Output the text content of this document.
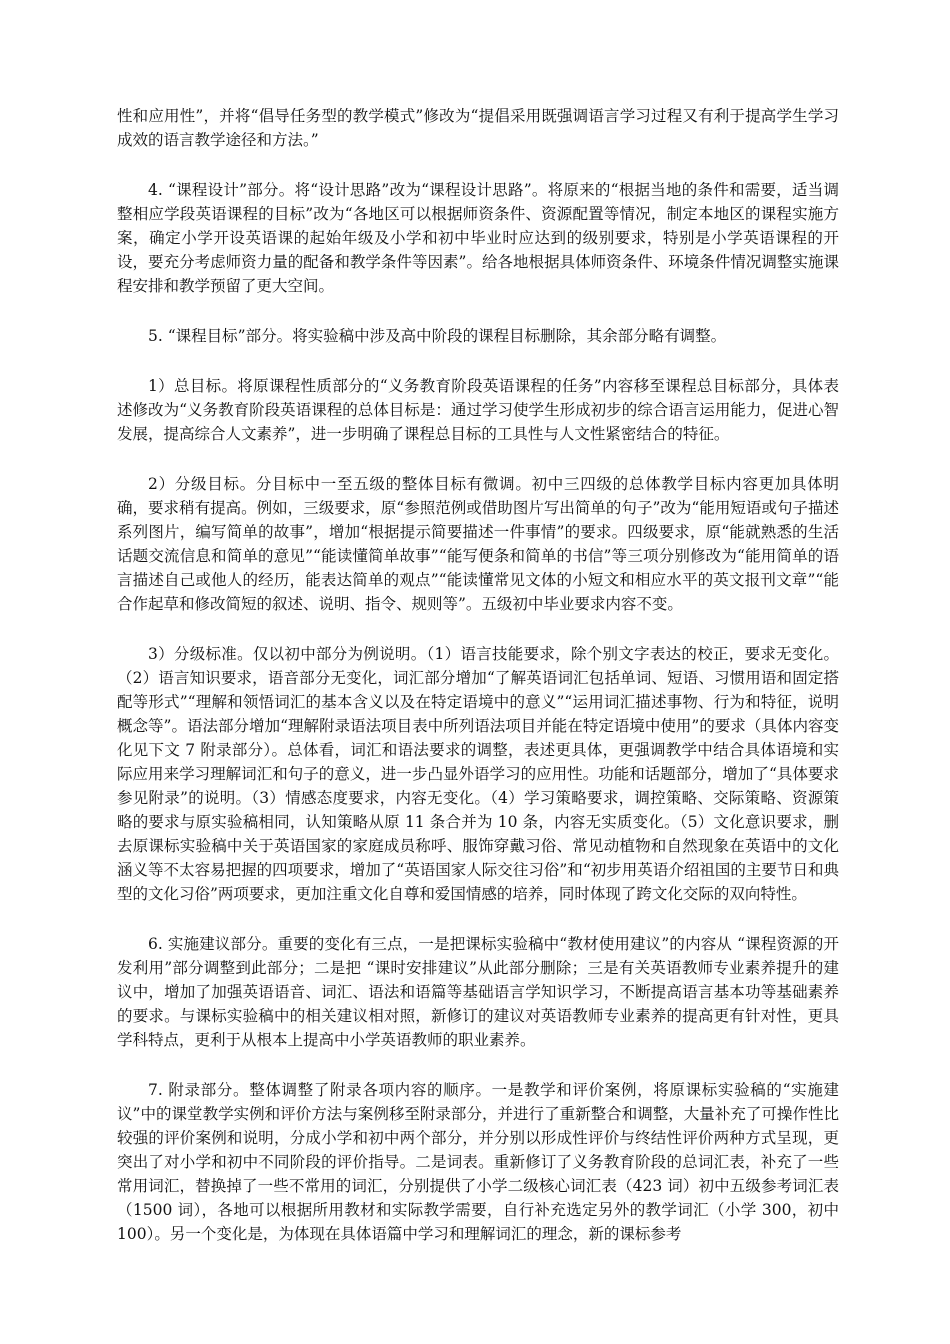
性和应用性”，并将“倡导任务型的教学模式”修改为“提倡采用既强调语言学习过程又有利于提高学生学习成效的语言教学途径和方法。”

4. “课程设计”部分。将“设计思路”改为“课程设计思路”。将原来的“根据当地的条件和需要，适当调整相应学段英语课程的目标”改为“各地区可以根据师资条件、资源配置等情况，制定本地区的课程实施方案，确定小学开设英语课的起始年级及小学和初中毕业时应达到的级别要求，特别是小学英语课程的开设，要充分考虑师资力量的配备和教学条件等因素”。给各地根据具体师资条件、环境条件情况调整实施课程安排和教学预留了更大空间。

5. “课程目标”部分。将实验稿中涉及高中阶段的课程目标删除，其余部分略有调整。

1）总目标。将原课程性质部分的“义务教育阶段英语课程的任务”内容移至课程总目标部分，具体表述修改为“义务教育阶段英语课程的总体目标是：通过学习使学生形成初步的综合语言运用能力，促进心智发展，提高综合人文素养”，进一步明确了课程总目标的工具性与人文性紧密结合的特征。

2）分级目标。分目标中一至五级的整体目标有微调。初中三四级的总体教学目标内容更加具体明确，要求稍有提高。例如，三级要求，原“参照范例或借助图片写出简单的句子”改为“能用短语或句子描述系列图片，编写简单的故事”，增加“根据提示简要描述一件事情”的要求。四级要求，原“能就熟悉的生活话题交流信息和简单的意见”“能读懂简单故事”“能写便条和简单的书信”等三项分别修改为“能用简单的语言描述自己或他人的经历，能表达简单的观点”“能读懂常见文体的小短文和相应水平的英文报刊文章”“能合作起草和修改简短的叙述、说明、指令、规则等”。五级初中毕业要求内容不变。

3）分级标准。仅以初中部分为例说明。（1）语言技能要求，除个别文字表达的校正，要求无变化。（2）语言知识要求，语音部分无变化，词汇部分增加“了解英语词汇包括单词、短语、习惯用语和固定搭配等形式”“理解和领悟词汇的基本含义以及在特定语境中的意义”“运用词汇描述事物、行为和特征，说明概念等”。语法部分增加“理解附录语法项目表中所列语法项目并能在特定语境中使用”的要求（具体内容变化见下文 7 附录部分）。总体看，词汇和语法要求的调整，表述更具体，更强调教学中结合具体语境和实际应用来学习理解词汇和句子的意义，进一步凸显外语学习的应用性。功能和话题部分，增加了“具体要求参见附录”的说明。（3）情感态度要求，内容无变化。（4）学习策略要求，调控策略、交际策略、资源策略的要求与原实验稿相同，认知策略从原 11 条合并为 10 条，内容无实质变化。（5）文化意识要求，删去原课标实验稿中关于英语国家的家庭成员称呼、服饰穿戴习俗、常见动植物和自然现象在英语中的文化涵义等不太容易把握的四项要求，增加了“英语国家人际交往习俗”和“初步用英语介绍祖国的主要节日和典型的文化习俗”两项要求，更加注重文化自尊和爱国情感的培养，同时体现了跨文化交际的双向特性。

6. 实施建议部分。重要的变化有三点，一是把课标实验稿中“教材使用建议”的内容从 “课程资源的开发利用”部分调整到此部分；二是把 “课时安排建议”从此部分删除；三是有关英语教师专业素养提升的建议中，增加了加强英语语音、词汇、语法和语篇等基础语言学知识学习，不断提高语言基本功等基础素养的要求。与课标实验稿中的相关建议相对照，新修订的建议对英语教师专业素养的提高更有针对性，更具学科特点，更利于从根本上提高中小学英语教师的职业素养。

7. 附录部分。整体调整了附录各项内容的顺序。一是教学和评价案例，将原课标实验稿的“实施建议”中的课堂教学实例和评价方法与案例移至附录部分，并进行了重新整合和调整，大量补充了可操作性比较强的评价案例和说明，分成小学和初中两个部分，并分别以形成性评价与终结性评价两种方式呈现，更突出了对小学和初中不同阶段的评价指导。二是词表。重新修订了义务教育阶段的总词汇表，补充了一些常用词汇，替换掉了一些不常用的词汇，分别提供了小学二级核心词汇表（423 词）初中五级参考词汇表（1500 词），各地可以根据所用教材和实际教学需要，自行补充选定另外的教学词汇（小学 300，初中 100）。另一个变化是，为体现在具体语篇中学习和理解词汇的理念，新的课标参考
